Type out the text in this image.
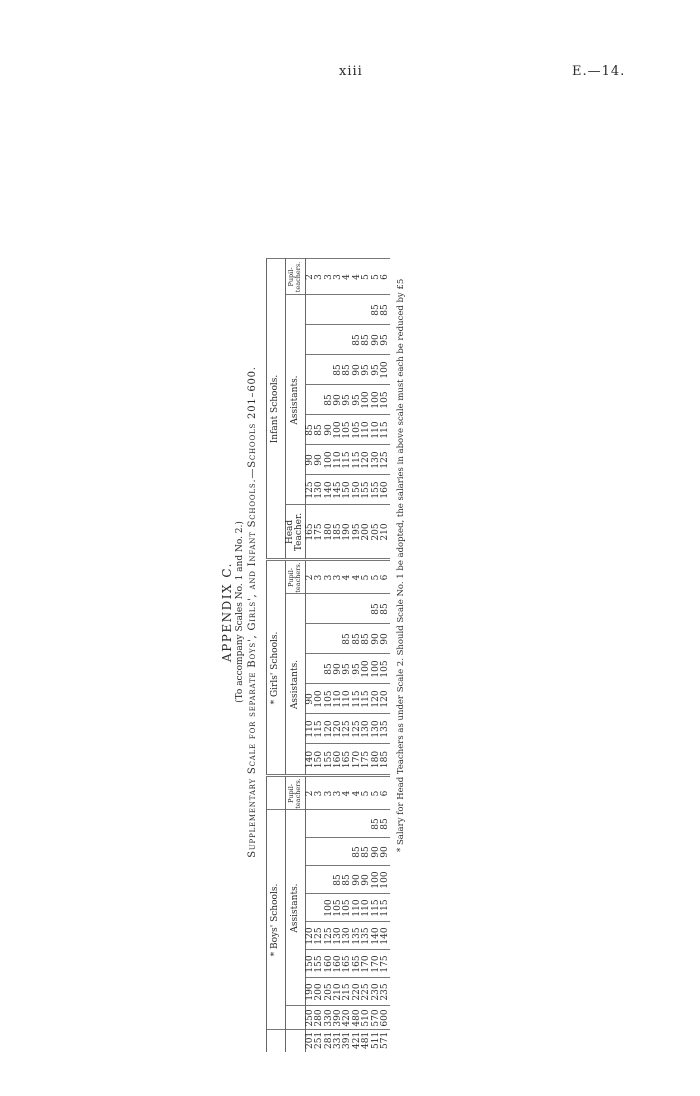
xiii	E.—14.
APPENDIX C. (To accompany Scales No. 1 and No. 2.) Supplementary Scale for separate Boys', Girls', and Infant Schools.—Schools 201–600.
	* Boys' Schools.									* Girls' Schools.							Infant Schools.								
		Assistants.							Pupil-teachers.	Assistants.						Pupil-teachers.	Head Teacher.	Assistants.							Pupil-teachers.
201	250	190	150	120					2	140	110	90				2	165	125	90	85					2
251	280	200	155	125					3	150	115	100				3	175	130	90	85					3
281	330	205	160	125	100				3	155	120	105	85			3	180	140	100	90	85				3
331	390	210	160	130	105	85			3	160	120	110	90			3	185	145	110	100	90	85			3
391	420	215	165	130	105	85			4	165	125	110	95	85		4	190	150	115	105	95	85			4
421	480	220	165	135	110	90	85		4	170	125	115	95	85		4	195	150	115	105	95	90	85		4
481	510	225	170	135	110	90	85		5	175	130	115	100	85		5	200	155	120	110	100	95	85		5
511	570	230	170	140	115	100	90	85	5	180	130	120	100	90	85	5	205	155	130	110	100	95	90	85	5
571	600	235	175	140	115	100	90	85	6	185	135	120	105	90	85	6	210	160	125	115	105	100	95	85	6
* Salary for Head Teachers as under Scale 2. Should Scale No. 1 be adopted, the salaries in above scale must each be reduced by £5
